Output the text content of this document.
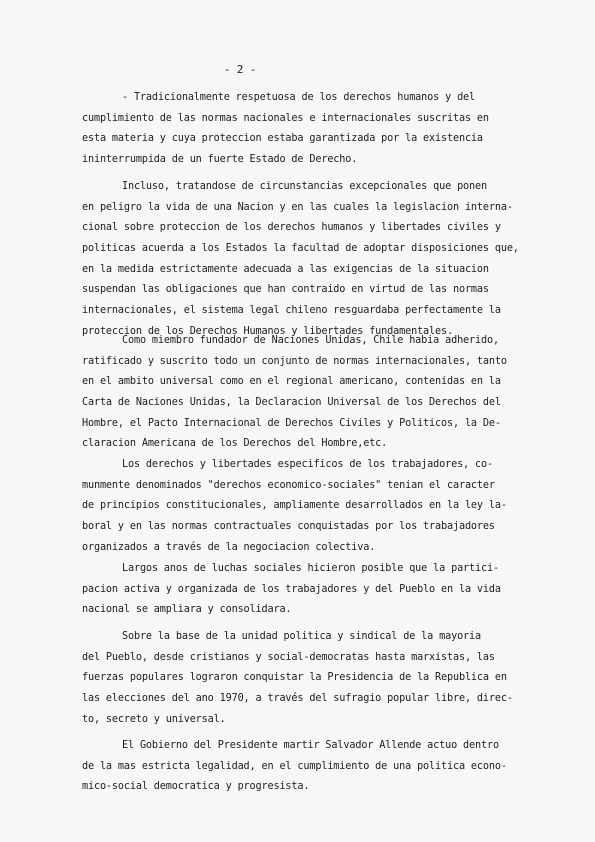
- 2 -
- Tradicionalmente respetuosa de los derechos humanos y del
cumplimiento de las normas nacionales e internacionales suscritas en
esta materia y cuya proteccion estaba garantizada por la existencia
ininterrumpida de un fuerte Estado de Derecho.
Incluso, tratandose de circunstancias excepcionales que ponen
en peligro la vida de una Nacion y en las cuales la legislacion interna-
cional sobre proteccion de los derechos humanos y libertades civiles y
politicas acuerda a los Estados la facultad de adoptar disposiciones que,
en la medida estrictamente adecuada a las exigencias de la situacion
suspendan las obligaciones que han contraido en virtud de las normas
internacionales, el sistema legal chileno resguardaba perfectamente la
proteccion de los Derechos Humanos y libertades fundamentales.
Como miembro fundador de Naciones Unidas, Chile habia adherido,
ratificado y suscrito todo un conjunto de normas internacionales, tanto
en el ambito universal como en el regional americano, contenidas en la
Carta de Naciones Unidas, la Declaracion Universal de los Derechos del
Hombre, el Pacto Internacional de Derechos Civiles y Politicos, la De-
claracion Americana de los Derechos del Hombre,etc.
Los derechos y libertades especificos de los trabajadores, co-
munmente denominados "derechos economico-sociales" tenian el caracter
de principios constitucionales, ampliamente desarrollados en la ley la-
boral y en las normas contractuales conquistadas por los trabajadores
organizados a través de la negociacion colectiva.
Largos anos de luchas sociales hicieron posible que la partici-
pacion activa y organizada de los trabajadores y del Pueblo en la vida
nacional se ampliara y consolidara.
Sobre la base de la unidad politica y sindical de la mayoria
del Pueblo, desde cristianos y social-democratas hasta marxistas, las
fuerzas populares lograron conquistar la Presidencia de la Republica en
las elecciones del ano 1970, a través del sufragio popular libre, direc-
to, secreto y universal.
El Gobierno del Presidente martir Salvador Allende actuo dentro
de la mas estricta legalidad, en el cumplimiento de una politica econo-
mico-social democratica y progresista.
